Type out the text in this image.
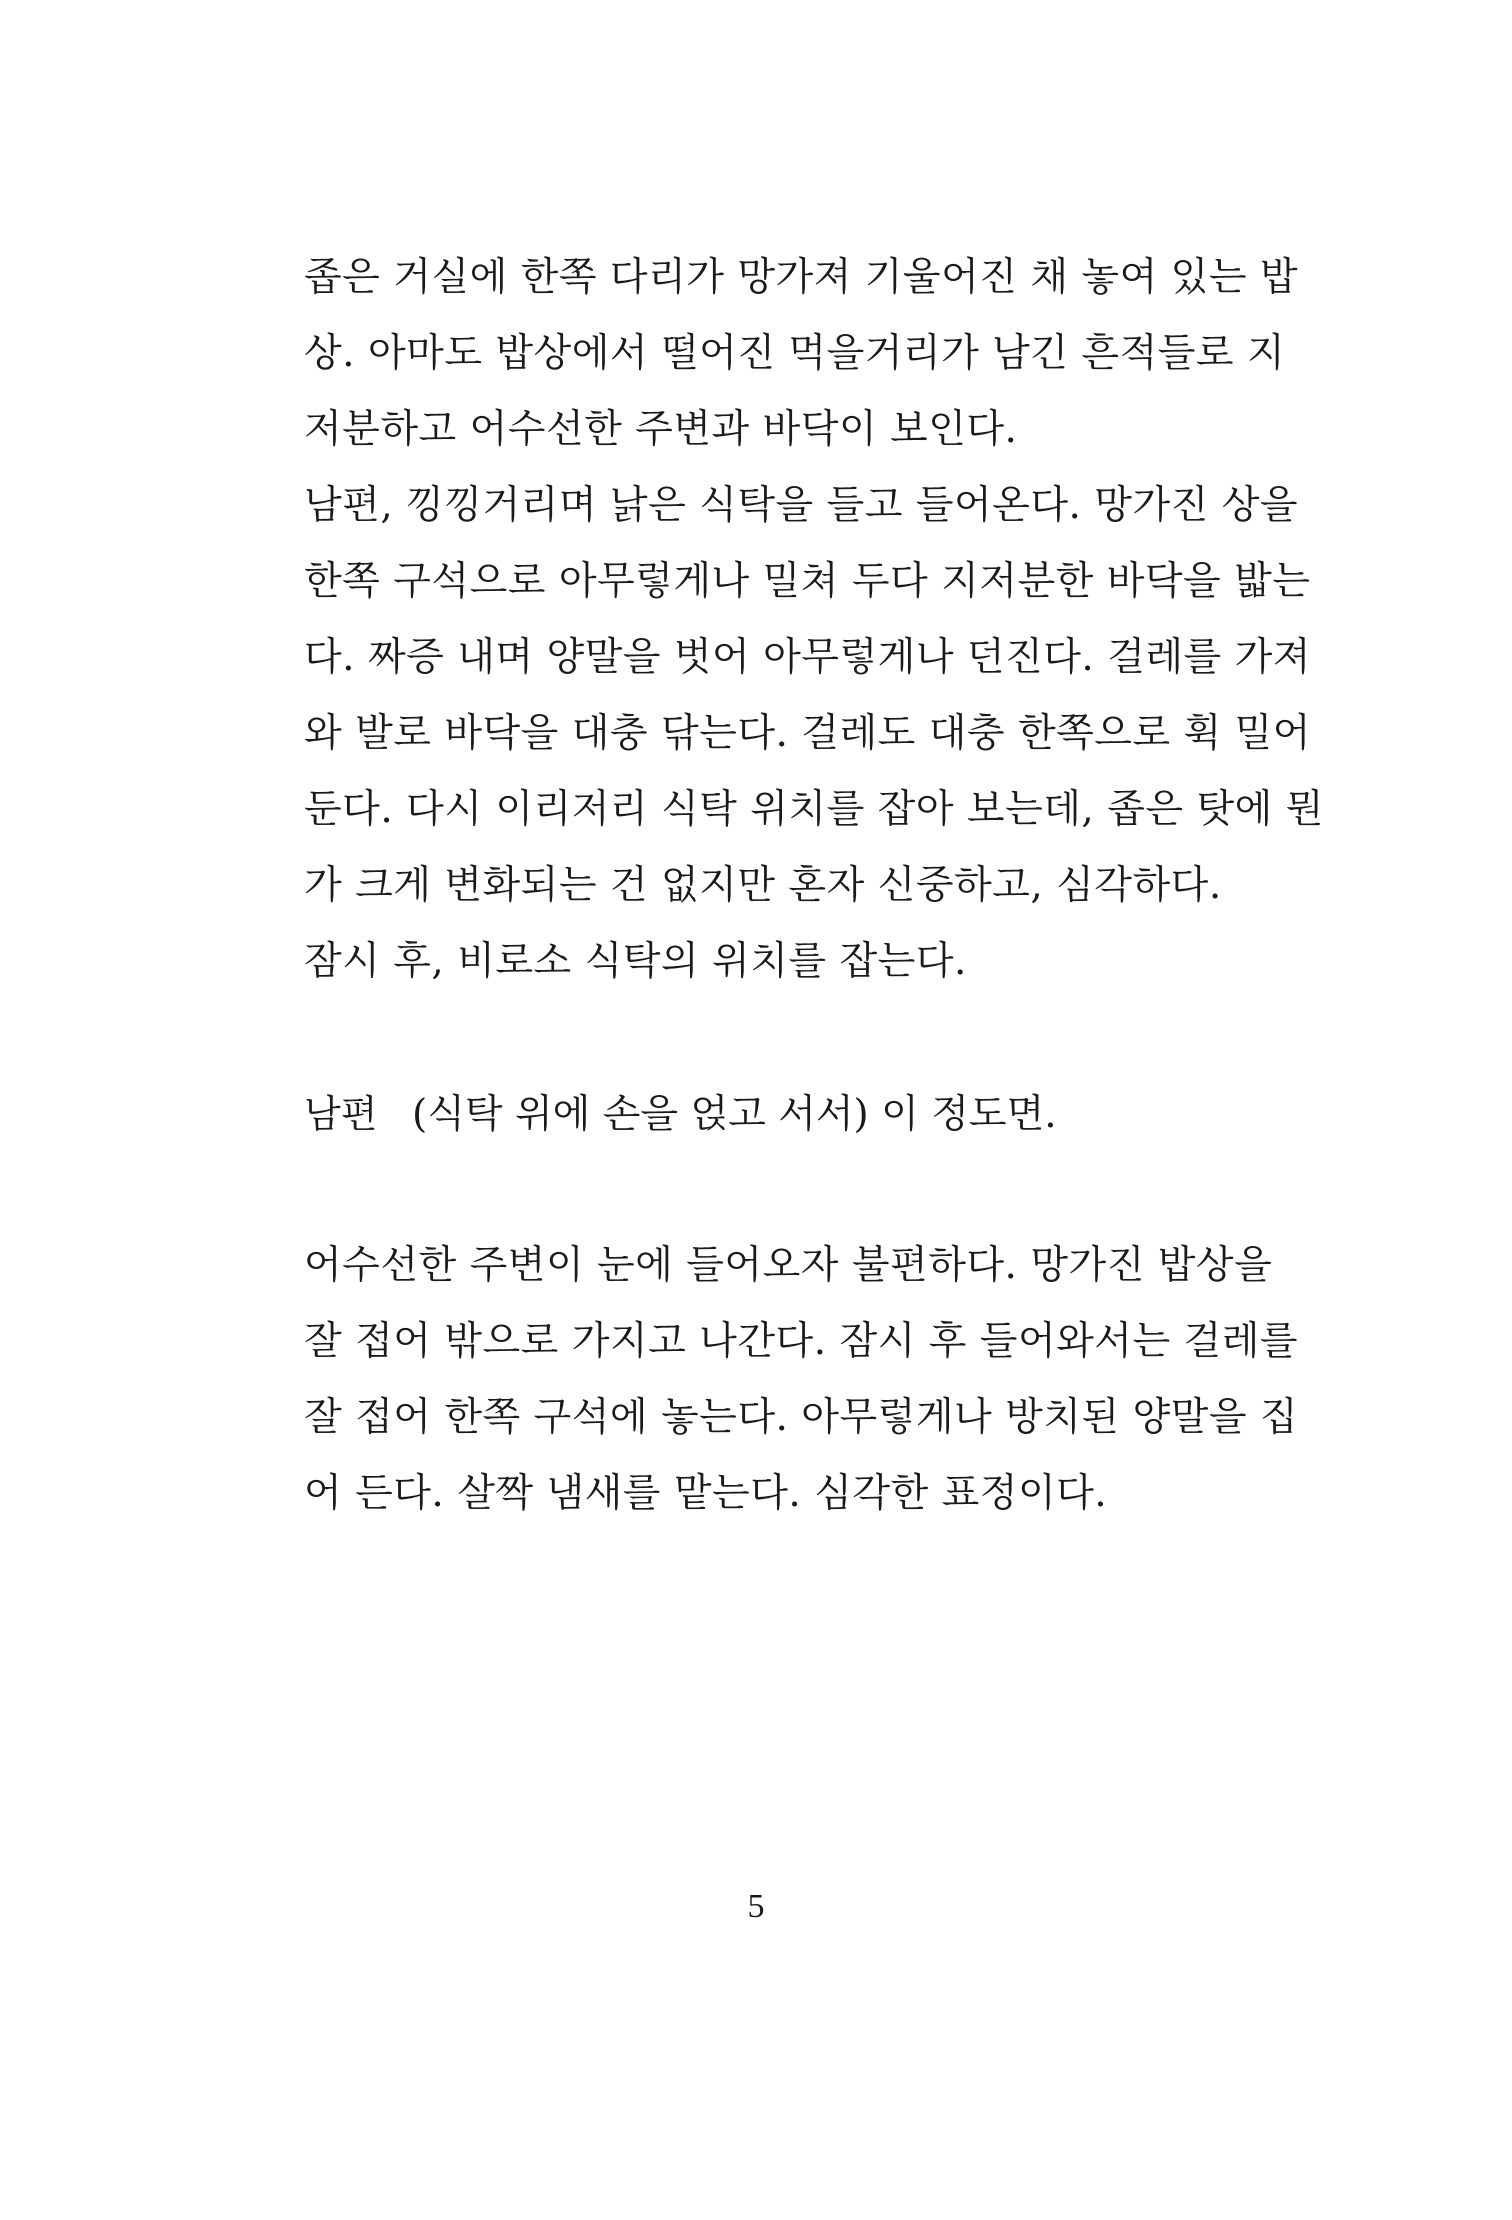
좁은 거실에 한쪽 다리가 망가져 기울어진 채 놓여 있는 밥
상. 아마도 밥상에서 떨어진 먹을거리가 남긴 흔적들로 지
저분하고 어수선한 주변과 바닥이 보인다.
남편, 낑낑거리며 낡은 식탁을 들고 들어온다. 망가진 상을
한쪽 구석으로 아무렇게나 밀쳐 두다 지저분한 바닥을 밟는
다. 짜증 내며 양말을 벗어 아무렇게나 던진다. 걸레를 가져
와 발로 바닥을 대충 닦는다. 걸레도 대충 한쪽으로 휙 밀어
둔다. 다시 이리저리 식탁 위치를 잡아 보는데, 좁은 탓에 뭔
가 크게 변화되는 건 없지만 혼자 신중하고, 심각하다.
잠시 후, 비로소 식탁의 위치를 잡는다.
남편 (식탁 위에 손을 얹고 서서) 이 정도면.
어수선한 주변이 눈에 들어오자 불편하다. 망가진 밥상을
잘 접어 밖으로 가지고 나간다. 잠시 후 들어와서는 걸레를
잘 접어 한쪽 구석에 놓는다. 아무렇게나 방치된 양말을 집
어 든다. 살짝 냄새를 맡는다. 심각한 표정이다.
5
